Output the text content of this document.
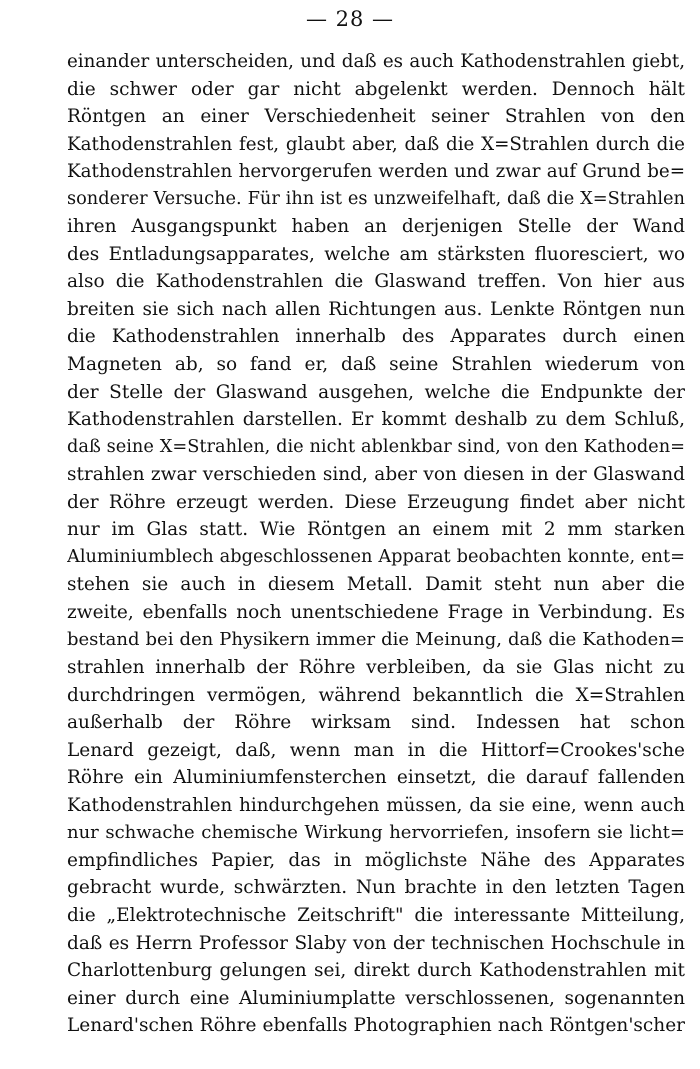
— 28 —
einander unterscheiden, und daß es auch Kathodenstrahlen giebt,
die schwer oder gar nicht abgelenkt werden. Dennoch hält
Röntgen an einer Verschiedenheit seiner Strahlen von den
Kathodenstrahlen fest, glaubt aber, daß die X=Strahlen durch die
Kathodenstrahlen hervorgerufen werden und zwar auf Grund be=
sonderer Versuche. Für ihn ist es unzweifelhaft, daß die X=Strahlen
ihren Ausgangspunkt haben an derjenigen Stelle der Wand
des Entladungsapparates, welche am stärksten fluoresciert, wo
also die Kathodenstrahlen die Glaswand treffen. Von hier aus
breiten sie sich nach allen Richtungen aus. Lenkte Röntgen nun
die Kathodenstrahlen innerhalb des Apparates durch einen
Magneten ab, so fand er, daß seine Strahlen wiederum von
der Stelle der Glaswand ausgehen, welche die Endpunkte der
Kathodenstrahlen darstellen. Er kommt deshalb zu dem Schluß,
daß seine X=Strahlen, die nicht ablenkbar sind, von den Kathoden=
strahlen zwar verschieden sind, aber von diesen in der Glaswand
der Röhre erzeugt werden. Diese Erzeugung findet aber nicht
nur im Glas statt. Wie Röntgen an einem mit 2 mm starken
Aluminiumblech abgeschlossenen Apparat beobachten konnte, ent=
stehen sie auch in diesem Metall. Damit steht nun aber die
zweite, ebenfalls noch unentschiedene Frage in Verbindung. Es
bestand bei den Physikern immer die Meinung, daß die Kathoden=
strahlen innerhalb der Röhre verbleiben, da sie Glas nicht zu
durchdringen vermögen, während bekanntlich die X=Strahlen
außerhalb der Röhre wirksam sind. Indessen hat schon
Lenard gezeigt, daß, wenn man in die Hittorf=Crookes'sche
Röhre ein Aluminiumfensterchen einsetzt, die darauf fallenden
Kathodenstrahlen hindurchgehen müssen, da sie eine, wenn auch
nur schwache chemische Wirkung hervorriefen, insofern sie licht=
empfindliches Papier, das in möglichste Nähe des Apparates
gebracht wurde, schwärzten. Nun brachte in den letzten Tagen
die „Elektrotechnische Zeitschrift" die interessante Mitteilung,
daß es Herrn Professor Slaby von der technischen Hochschule in
Charlottenburg gelungen sei, direkt durch Kathodenstrahlen mit
einer durch eine Aluminiumplatte verschlossenen, sogenannten
Lenard'schen Röhre ebenfalls Photographien nach Röntgen'scher
